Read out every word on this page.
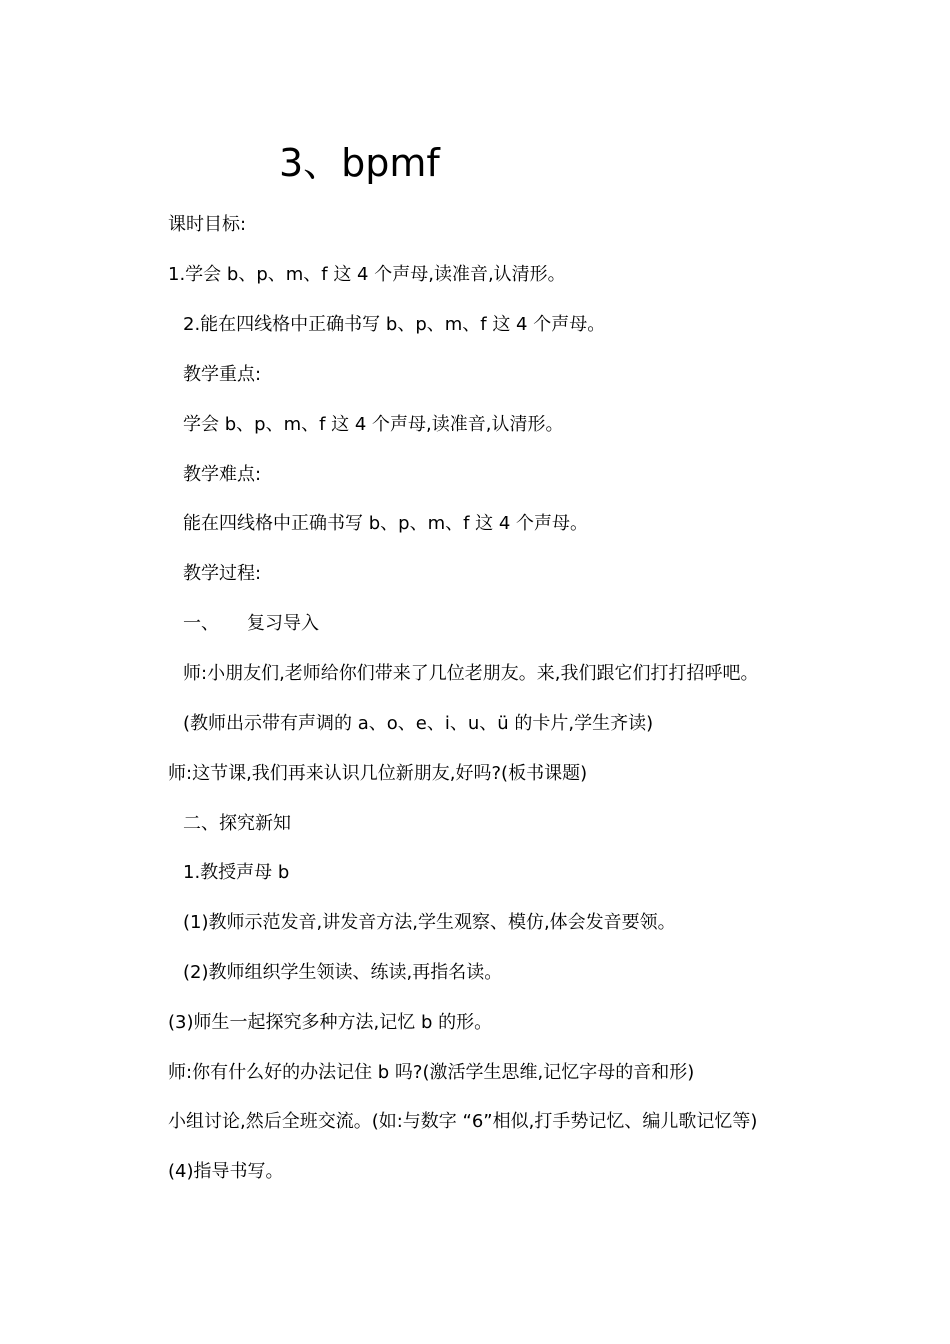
3、bpmf
课时目标:
1.学会 b、p、m、f 这 4 个声母,读准音,认清形。
2.能在四线格中正确书写 b、p、m、f 这 4 个声母。
教学重点:
学会 b、p、m、f 这 4 个声母,读准音,认清形。
教学难点:
能在四线格中正确书写 b、p、m、f 这 4 个声母。
教学过程:
一、 复习导入
师:小朋友们,老师给你们带来了几位老朋友。来,我们跟它们打打招呼吧。
(教师出示带有声调的 a、o、e、i、u、ü 的卡片,学生齐读)
师:这节课,我们再来认识几位新朋友,好吗?(板书课题)
二、探究新知
1.教授声母 b
(1)教师示范发音,讲发音方法,学生观察、模仿,体会发音要领。
(2)教师组织学生领读、练读,再指名读。
(3)师生一起探究多种方法,记忆 b 的形。
师:你有什么好的办法记住 b 吗?(激活学生思维,记忆字母的音和形)
小组讨论,然后全班交流。(如:与数字 “6”相似,打手势记忆、编儿歌记忆等)
(4)指导书写。
